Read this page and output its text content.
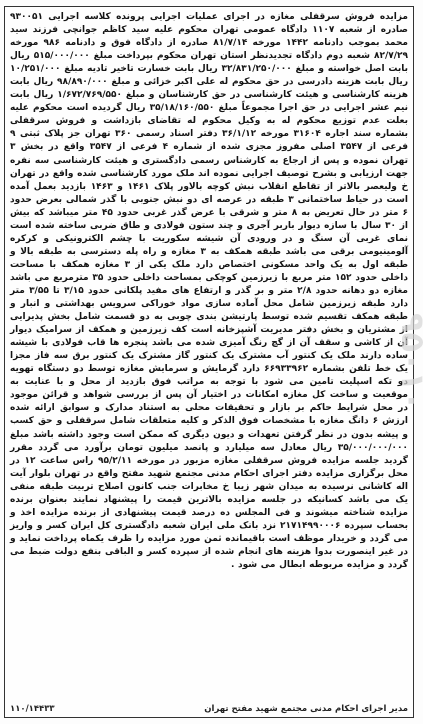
مزایده فروش سرقفلی مغازه در اجرای عملیات اجرایی پرونده کلاسه اجرایی ۹۳۰۰۵۱ صادره از شعبه ۱۱۰۷ دادگاه عمومی تهران محکوم علیه سید کاظم جوانچی فرزند سید محمد بموجب دادنامه ۱۴۴۲ مورخه ۸۱/۷/۱۴ صادره از دادگاه فوق و دادنامه ۹۸۶ مورخه ۸۲/۷/۲۹ شعبه دوم دادگاه تجدیدنظر استان تهران محکوم بپرداخت مبلغ ۵۱۵/۰۰۰/۰۰۰ ریال بابت اصل خواسته و مبلغ ۳۲/۸۳۱/۲۵۰/۰۰۰ ریال بابت خسارت تاخیر تادیه مبلغ ۱۰/۲۵۱/۰۰۰ ریال بابت هزینه دادرسی در حق محکوم له علی اکبر خزائی و مبلغ ۹۸/۸۹۰/۰۰۰ ریال بابت هزینه کارشناسی و هیئت کارشناسی در حق کارشناسان و مبلغ ۱/۶۷۲/۷۶۹/۵۵۰ ریال بابت نیم عشر اجرایی در حق اجرا مجموعاً مبلغ ۳۵/۱۸/۱۶۰/۵۵۰ ریال گردیده است محکوم علیه بعلت عدم توزیع محکوم له به وکیل محکوم له تقاضای بازداشت و فروش سرقفلی بشماره سند اجاره ۳۱۶۰۴ مورخه ۳۶/۱/۱۲ دفتر اسناد رسمی ۳۶۰ تهران جز پلاک ثبتی ۹ فرعی از ۳۵۴۷ اصلی مفروز مجزی شده از شماره ۴ فرعی از ۳۵۴۷ واقع در بخش ۳ تهران نموده و پس از ارجاع به کارشناس رسمی دادگستری و هیئت کارشناسی سه نفره جهت ارزیابی و بشرح توصیف اجرایی نموده اند ملک مورد کارشناسی شده واقع در تهران خ ولیعصر بالاتر از تقاطع انقلاب نبش کوچه بالاور پلاک ۱۴۶۱ و ۱۴۶۳ بازدید بعمل آمده است در حیاط ساختمانی ۳ طبقه در عرصه ای دو نبش جنوبی با گذر شمالی بعرض حدود ۶ متر در حال تعریض به ۸ متر و شرقی با عرض گذر غربی حدود ۴۵ متر میباشد که بیش از ۳۰ سال با سازه دیوار باربر آجری و چند ستون فولادی و طاق ضربی ساخته شده است نمای غربی آن سنگ و در ورودی آن شیشه سکوریت با چشم الکترونیکی و کرکره آلومینیومی برقی می باشد طبقه همکف به ۳ مغازه و راه پله دسترسی به طبقه بالا و طبقه اول به یک واحد مسکونی اختصاص دارد ملک یکی از ۳ مغازه همکف با مساحت داخلی حدود ۱۵۲ متر مربع با زیرزمین کوچکی بمساحت داخلی حدود ۳۵ مترمربع می باشد مغازه دو دهانه حدود ۲/۸ متر و بر گذر و ارتفاع های مفید پلکانی حدود ۳/۱۵ تا ۳/۵۵ متر دارد طبقه زیرزمین شامل محل آماده سازی مواد خوراکی سرویس بهداشتی و انبار و طبقه همکف تقسیم شده توسط پارتیشن بندی چوبی به دو قسمت شامل بخش پذیرایی از مشتریان و بخش دفتر مدیریت آشپزخانه است کف زیرزمین و همکف از سرامیک دیوار آن از کاشی و سقف آن از گچ رنگ آمیزی شده می باشد پنجره ها قاب فولادی با شیشه ساده دارند ملک یک کنتور آب مشترک یک کنتور گاز مشترک یک کنتور برق سه فاز مجزا یک خط تلفن بشماره ۶۶۹۳۳۹۶۲ دارد گرمایش و سرمایش مغازه توسط دو دستگاه تهویه دو تکه اسپلیت تامین می شود با توجه به مراتب فوق بازدید از محل و با عنایت به موقعیت و ساخت کل مغازه امکانات در اختیار آن پس از بررسی شواهد و قرائن موجود در محل شرایط حاکم بر بازار و تحقیقات محلی به استناد مدارک و سوابق ارائه شده ارزش ۶ دانگ مغازه با مشخصات فوق الذکر و کلیه متعلقات شامل سرقفلی و حق کسب و پیشه بدون در نظر گرفتن تعهدات و دیون دیگری که ممکن است وجود داشته باشد مبلغ ۳۵/۰۰۰/۰۰۰/۰۰۰ ریال معادل سه میلیارد و پانصد میلیون تومان برآورد می گردد مقرر گردید جلسه مزایده فروش سرقفلی مغازه مزبور در مورخه ۹۵/۲/۱۱ راس ساعت ۱۲ در محل برگزاری مزایده دفتر اجرای احکام مدنی مجتمع شهید مفتح واقع در تهران بلوار آیت اله کاشانی نرسیده به میدان شهر زیبا خ مخابرات جنب کانون اصلاح تربیت طبقه منفی یک می باشد کسانیکه در جلسه مزایده بالاترین قیمت را پیشنهاد نمایند بعنوان برنده مزایده شناخته میشوند و فی المجلس ده درصد قیمت پیشنهادی از برنده مزایده اخذ و بحساب سپرده ۲۱۷۱۴۹۹۰۰۰۶ نزد بانک ملی ایران شعبه دادگستری کل ایران کسر و واریز می گردد و خریدار موظف است باقیمانده ثمن مورد مزایده را ظرف یکماه پرداخت نماید و در غیر اینصورت بدوا هزینه های انجام شده از سپرده کسر و الباقی بنفع دولت ضبط می گردد و مزایده مربوطه ابطال می شود .
مدیر اجرای احکام مدنی مجتمع شهید مفتح تهران
۱۱۰/۱۴۴۳۳
۹۵۰۱۰
